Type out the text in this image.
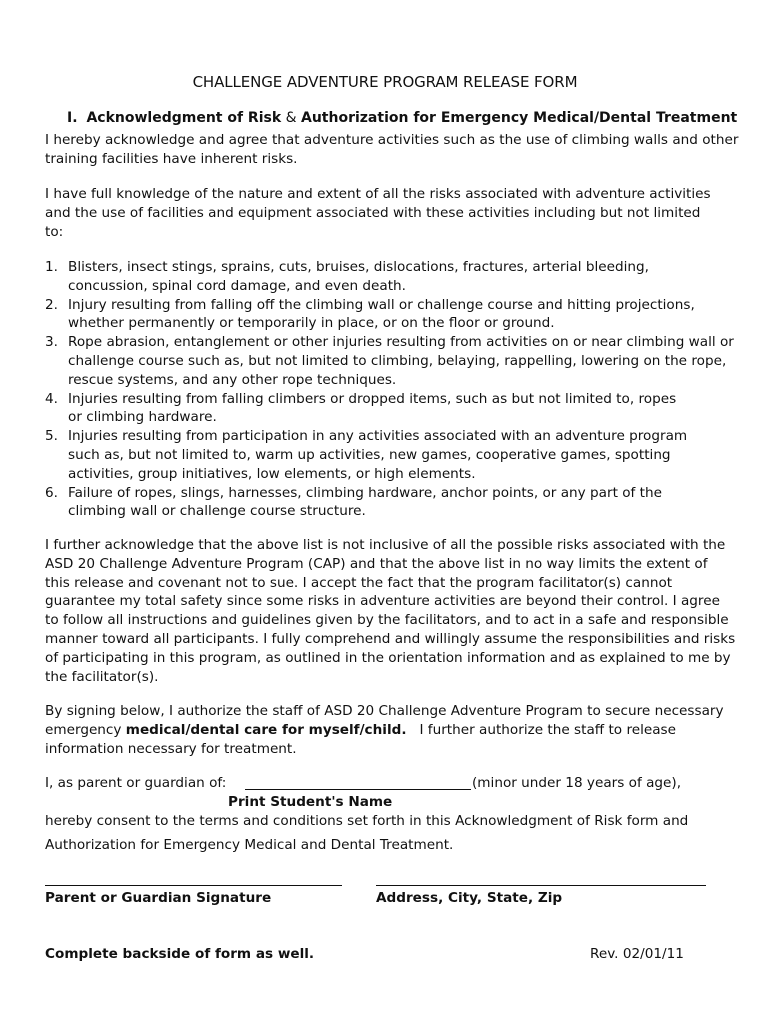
CHALLENGE ADVENTURE PROGRAM RELEASE FORM
I. Acknowledgment of Risk & Authorization for Emergency Medical/Dental Treatment
I hereby acknowledge and agree that adventure activities such as the use of climbing walls and other
training facilities have inherent risks.
I have full knowledge of the nature and extent of all the risks associated with adventure activities
and the use of facilities and equipment associated with these activities including but not limited
to:
1. Blisters, insect stings, sprains, cuts, bruises, dislocations, fractures, arterial bleeding,
concussion, spinal cord damage, and even death.
2. Injury resulting from falling off the climbing wall or challenge course and hitting projections,
whether permanently or temporarily in place, or on the floor or ground.
3. Rope abrasion, entanglement or other injuries resulting from activities on or near climbing wall or
challenge course such as, but not limited to climbing, belaying, rappelling, lowering on the rope,
rescue systems, and any other rope techniques.
4. Injuries resulting from falling climbers or dropped items, such as but not limited to, ropes
or climbing hardware.
5. Injuries resulting from participation in any activities associated with an adventure program
such as, but not limited to, warm up activities, new games, cooperative games, spotting
activities, group initiatives, low elements, or high elements.
6. Failure of ropes, slings, harnesses, climbing hardware, anchor points, or any part of the
climbing wall or challenge course structure.
I further acknowledge that the above list is not inclusive of all the possible risks associated with the
ASD 20 Challenge Adventure Program (CAP) and that the above list in no way limits the extent of
this release and covenant not to sue. I accept the fact that the program facilitator(s) cannot
guarantee my total safety since some risks in adventure activities are beyond their control. I agree
to follow all instructions and guidelines given by the facilitators, and to act in a safe and responsible
manner toward all participants. I fully comprehend and willingly assume the responsibilities and risks
of participating in this program, as outlined in the orientation information and as explained to me by
the facilitator(s).
By signing below, I authorize the staff of ASD 20 Challenge Adventure Program to secure necessary
emergency medical/dental care for myself/child.   I further authorize the staff to release
information necessary for treatment.
I, as parent or guardian of:	(minor under 18 years of age),
Print Student's Name
hereby consent to the terms and conditions set forth in this Acknowledgment of Risk form and
Authorization for Emergency Medical and Dental Treatment.
Parent or Guardian Signature	Address, City, State, Zip
Complete backside of form as well.	Rev. 02/01/11
